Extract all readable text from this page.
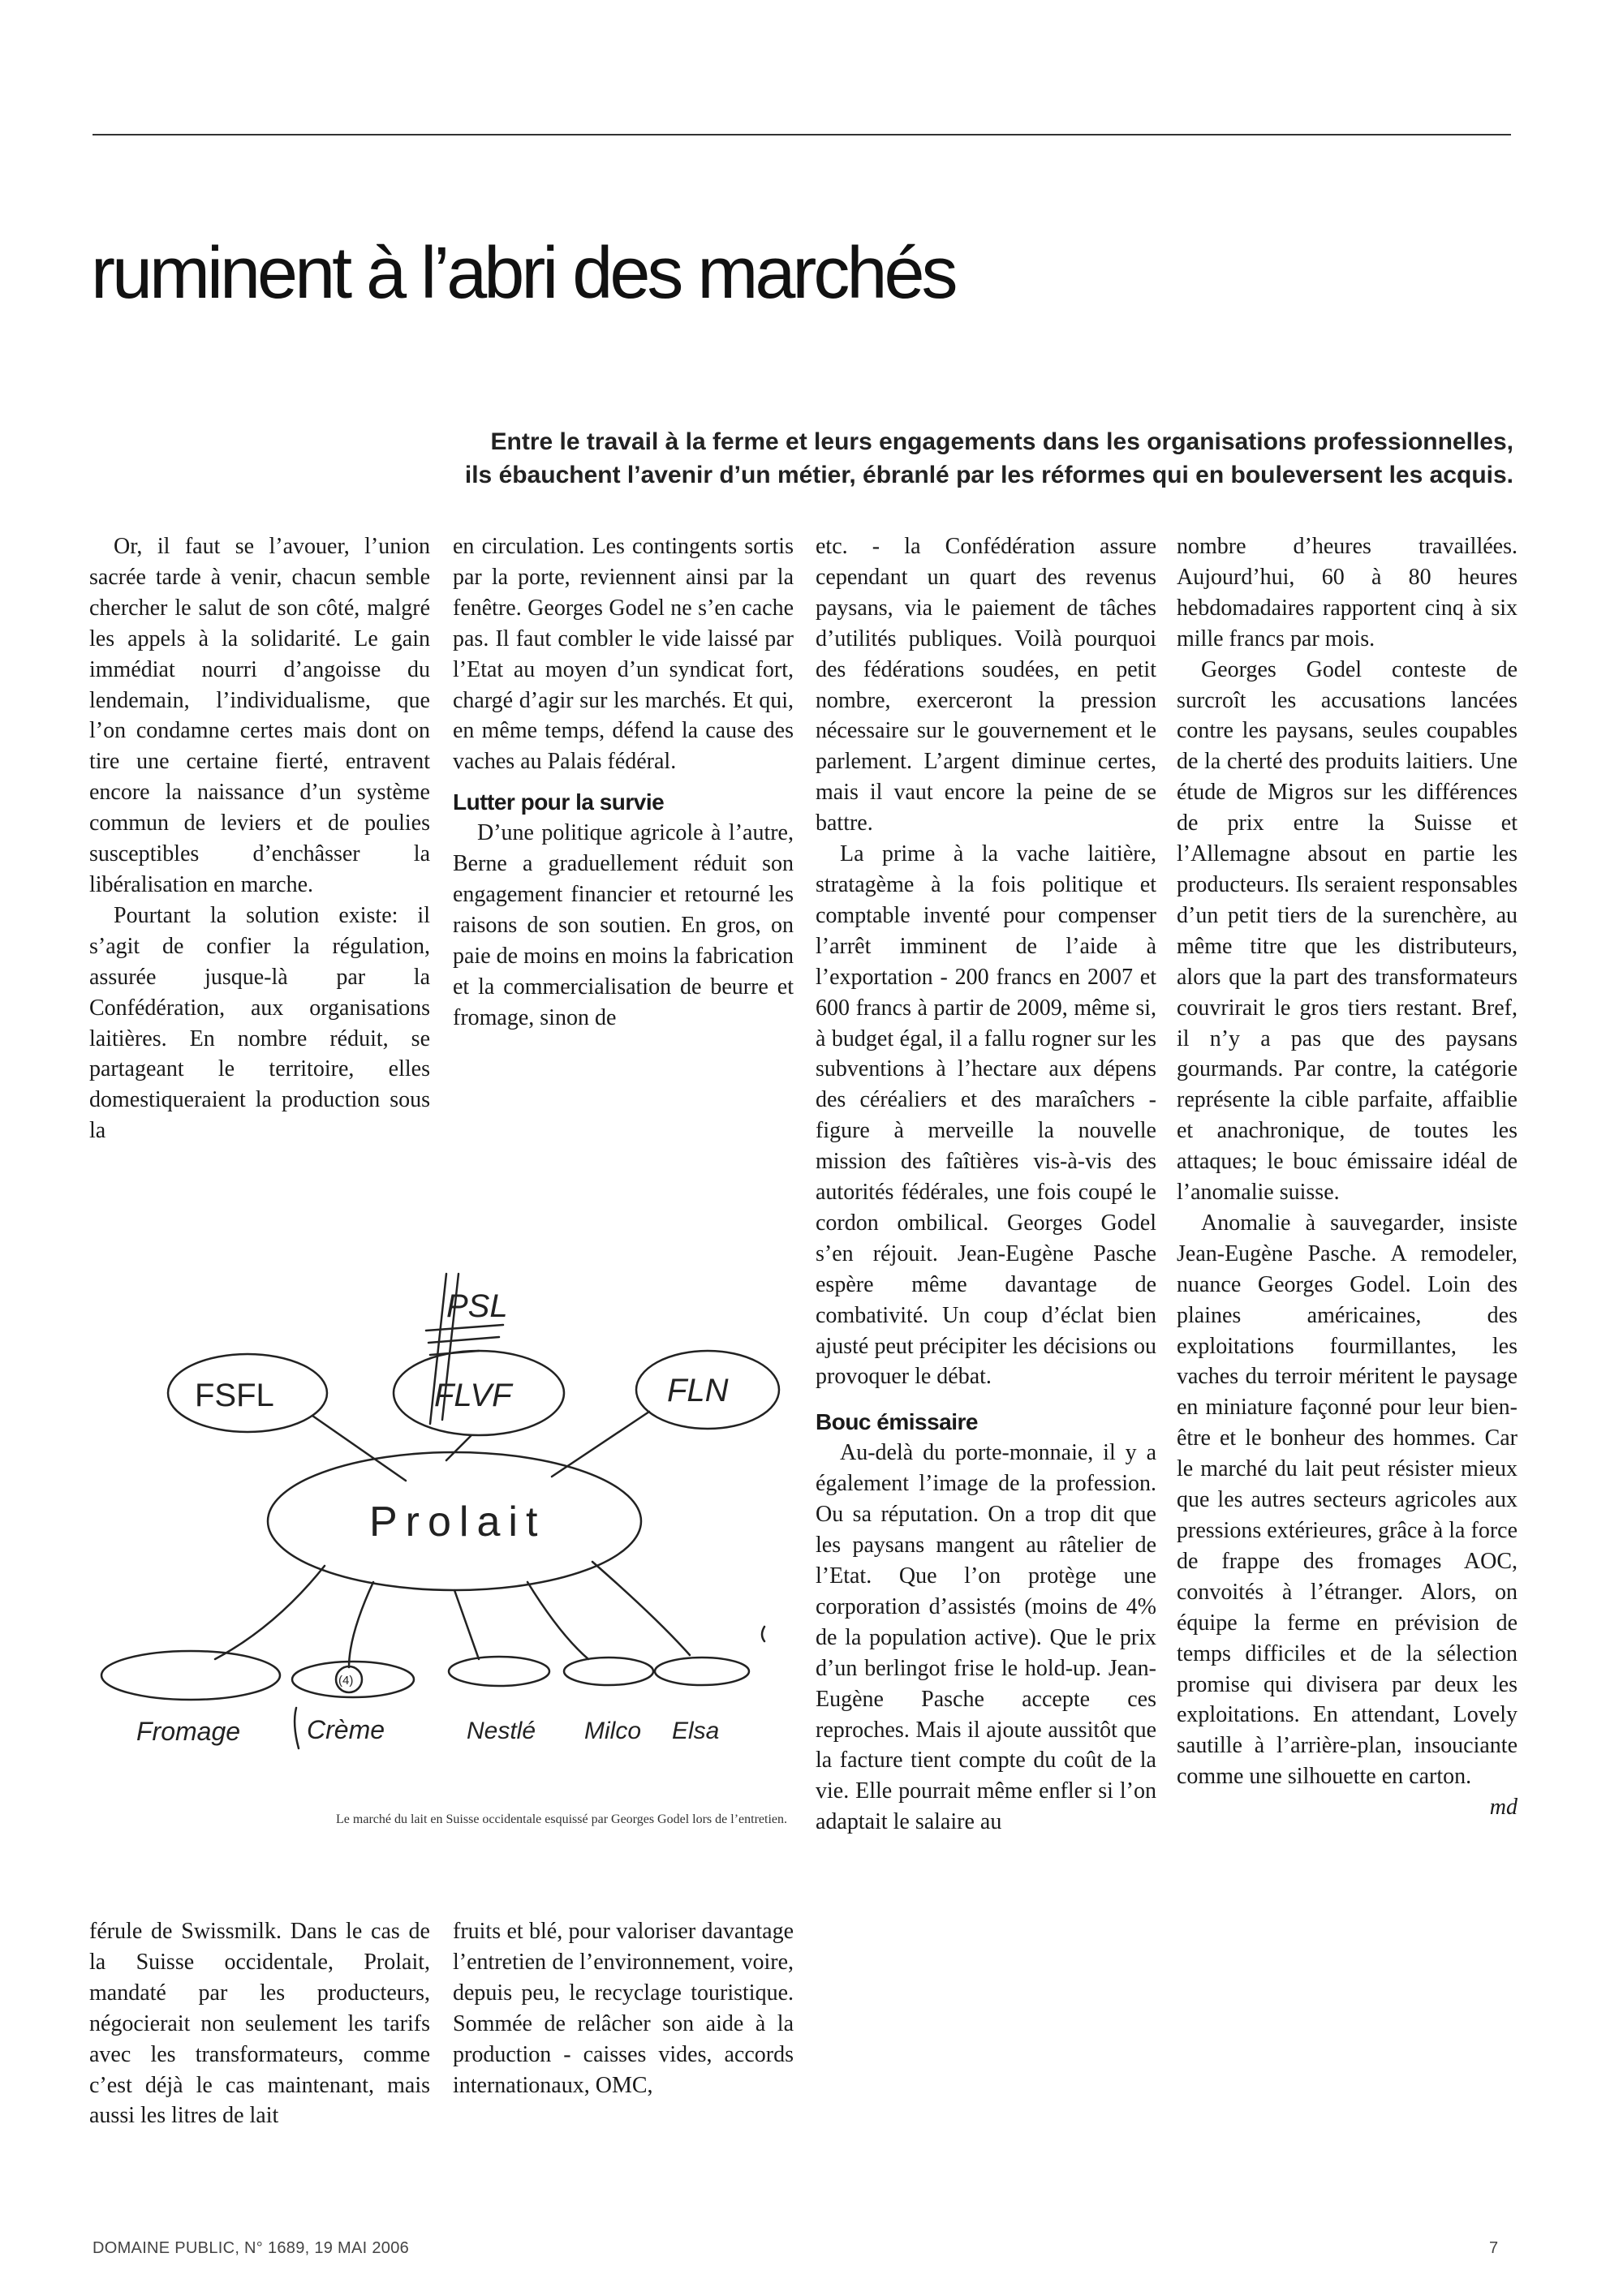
ruminent à l’abri des marchés
Entre le travail à la ferme et leurs engagements dans les organisations professionnelles,
ils ébauchent l’avenir d’un métier, ébranlé par les réformes qui en bouleversent les acquis.

Or, il faut se l’avouer, l’union sacrée tarde à venir, chacun semble chercher le salut de son côté, malgré les appels à la solidarité. Le gain immédiat nourri d’angoisse du lendemain, l’individualisme, que l’on condamne certes mais dont on tire une certaine fierté, entravent encore la naissance d’un système commun de leviers et de poulies susceptibles d’enchâsser la libéralisation en marche.

Pourtant la solution existe: il s’agit de confier la régulation, assurée jusque-là par la Confédération, aux organisations laitières. En nombre réduit, se partageant le territoire, elles domestiqueraient la production sous la

en circulation. Les contingents sortis par la porte, reviennent ainsi par la fenêtre. Georges Godel ne s’en cache pas. Il faut combler le vide laissé par l’Etat au moyen d’un syndicat fort, chargé d’agir sur les marchés. Et qui, en même temps, défend la cause des vaches au Palais fédéral.

Lutter pour la survie

D’une politique agricole à l’autre, Berne a graduellement réduit son engagement financier et retourné les raisons de son soutien. En gros, on paie de moins en moins la fabrication et la commercialisation de beurre et fromage, sinon de

etc. - la Confédération assure cependant un quart des revenus paysans, via le paiement de tâches d’utilités publiques. Voilà pourquoi des fédérations soudées, en petit nombre, exerceront la pression nécessaire sur le gouvernement et le parlement. L’argent diminue certes, mais il vaut encore la peine de se battre.

La prime à la vache laitière, stratagème à la fois politique et comptable inventé pour compenser l’arrêt imminent de l’aide à l’exportation - 200 francs en 2007 et 600 francs à partir de 2009, même si, à budget égal, il a fallu rogner sur les subventions à l’hectare aux dépens des céréaliers et des maraîchers - figure à merveille la nouvelle mission des faîtières vis-à-vis des autorités fédérales, une fois coupé le cordon ombilical. Georges Godel s’en réjouit. Jean-Eugène Pasche espère même davantage de combativité. Un coup d’éclat bien ajusté peut précipiter les décisions ou provoquer le débat.

Bouc émissaire

Au-delà du porte-monnaie, il y a également l’image de la profession. Ou sa réputation. On a trop dit que les paysans mangent au râtelier de l’Etat. Que l’on protège une corporation d’assistés (moins de 4% de la population active). Que le prix d’un berlingot frise le hold-up. Jean-Eugène Pasche accepte ces reproches. Mais il ajoute aussitôt que la facture tient compte du coût de la vie. Elle pourrait même enfler si l’on adaptait le salaire au

nombre d’heures travaillées. Aujourd’hui, 60 à 80 heures hebdomadaires rapportent cinq à six mille francs par mois.

Georges Godel conteste de surcroît les accusations lancées contre les paysans, seules coupables de la cherté des produits laitiers. Une étude de Migros sur les différences de prix entre la Suisse et l’Allemagne absout en partie les producteurs. Ils seraient responsables d’un petit tiers de la surenchère, au même titre que les distributeurs, alors que la part des transformateurs couvrirait le gros tiers restant. Bref, il n’y a pas que des paysans gourmands. Par contre, la catégorie représente la cible parfaite, affaiblie et anachronique, de toutes les attaques; le bouc émissaire idéal de l’anomalie suisse.

Anomalie à sauvegarder, insiste Jean-Eugène Pasche. A remodeler, nuance Georges Godel. Loin des plaines américaines, des exploitations fourmillantes, les vaches du terroir méritent le paysage en miniature façonné pour leur bien-être et le bonheur des hommes. Car le marché du lait peut résister mieux que les autres secteurs agricoles aux pressions extérieures, grâce à la force de frappe des fromages AOC, convoités à l’étranger. Alors, on équipe la ferme en prévision de temps difficiles et de la sélection promise qui divisera par deux les exploitations. En attendant, Lovely sautille à l’arrière-plan, insouciante comme une silhouette en carton.
md

PSL
FSFL	FLVF	FLN
Prolait
(4)
Fromage	Crème	Nestlé Milco Elsa
Le marché du lait en Suisse occidentale esquissé par Georges Godel lors de l’entretien.

férule de Swissmilk. Dans le cas de la Suisse occidentale, Prolait, mandaté par les producteurs, négocierait non seulement les tarifs avec les transformateurs, comme c’est déjà le cas maintenant, mais aussi les litres de lait

fruits et blé, pour valoriser davantage l’entretien de l’environnement, voire, depuis peu, le recyclage touristique. Sommée de relâcher son aide à la production - caisses vides, accords internationaux, OMC,

DOMAINE PUBLIC, N° 1689, 19 MAI 2006	7
